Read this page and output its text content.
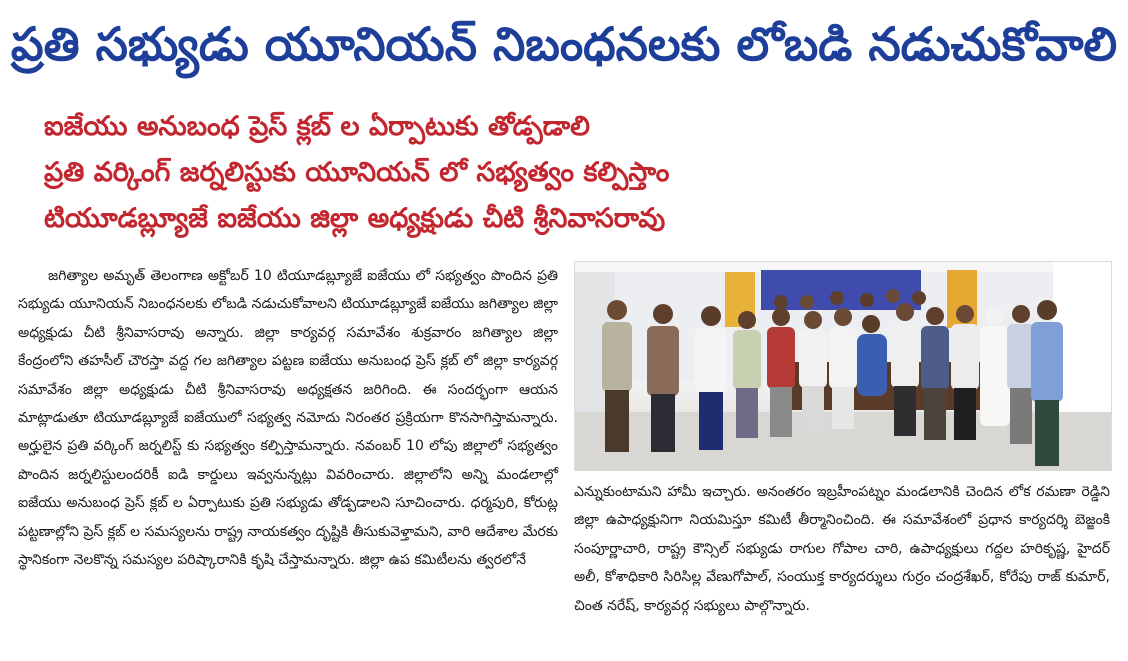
ప్రతి సభ్యుడు యూనియన్ నిబంధనలకు లోబడి నడుచుకోవాలి
ఐజేయు అనుబంధ ప్రెస్ క్లబ్ ల ఏర్పాటుకు తోడ్పడాలి
ప్రతి వర్కింగ్ జర్నలిస్టుకు యూనియన్ లో సభ్యత్వం కల్పిస్తాం
టియూడబ్ల్యూజే ఐజేయు జిల్లా అధ్యక్షుడు చీటి శ్రీనివాసరావు

జగిత్యాల అమృత్ తెలంగాణ అక్టోబర్ 10 టియూడబ్ల్యూజే ఐజేయు లో సభ్యత్వం పొందిన ప్రతి సభ్యుడు యూనియన్ నిబంధనలకు లోబడి నడుచుకోవాలని టియూడబ్ల్యూజే ఐజేయు జగిత్యాల జిల్లా అధ్యక్షుడు చీటి శ్రీనివాసరావు అన్నారు. జిల్లా కార్యవర్గ సమావేశం శుక్రవారం జగిత్యాల జిల్లా కేంద్రంలోని తహసీల్ చౌరస్తా వద్ద గల జగిత్యాల పట్టణ ఐజేయు అనుబంధ ప్రెస్ క్లబ్ లో జిల్లా కార్యవర్గ సమావేశం జిల్లా అధ్యక్షుడు చీటి శ్రీనివాసరావు అధ్యక్షతన జరిగింది. ఈ సందర్భంగా ఆయన మాట్లాడుతూ టియూడబ్ల్యూజే ఐజేయులో సభ్యత్వ నమోదు నిరంతర ప్రక్రియగా కొనసాగిస్తామన్నారు. అర్హులైన ప్రతి వర్కింగ్ జర్నలిస్ట్ కు సభ్యత్వం కల్పిస్తామన్నారు. నవంబర్ 10 లోపు జిల్లాలో సభ్యత్వం పొందిన జర్నలిస్టులందరికీ ఐడి కార్డులు ఇవ్వనున్నట్లు వివరించారు. జిల్లాలోని అన్ని మండలాల్లో ఐజేయు అనుబంధ ప్రెస్ క్లబ్ ల ఏర్పాటుకు ప్రతి సభ్యుడు తోడ్పడాలని సూచించారు. ధర్మపురి, కోరుట్ల పట్టణాల్లోని ప్రెస్ క్లబ్ ల సమస్యలను రాష్ట్ర నాయకత్వం దృష్టికి తీసుకువెళ్తామని, వారి ఆదేశాల మేరకు స్థానికంగా నెలకొన్న సమస్యల పరిష్కారానికి కృషి చేస్తామన్నారు. జిల్లా ఉప కమిటీలను త్వరలోనే

ఎన్నుకుంటామని హామీ ఇచ్చారు. అనంతరం ఇబ్రహీంపట్నం మండలానికి చెందిన లోక రమణా రెడ్డిని జిల్లా ఉపాధ్యక్షునిగా నియమిస్తూ కమిటీ తీర్మానించింది. ఈ సమావేశంలో ప్రధాన కార్యదర్శి బెజ్జంకి సంపూర్ణాచారి, రాష్ట్ర కౌన్సిల్ సభ్యుడు రాగుల గోపాల చారి, ఉపాధ్యక్షులు గద్దల హరికృష్ణ, హైదర్ అలీ, కోశాధికారి సిరిసిల్ల వేణుగోపాల్, సంయుక్త కార్యదర్శులు గుర్రం చంద్రశేఖర్, కోరేపు రాజ్ కుమార్, చింత నరేష్, కార్యవర్గ సభ్యులు పాల్గొన్నారు.
